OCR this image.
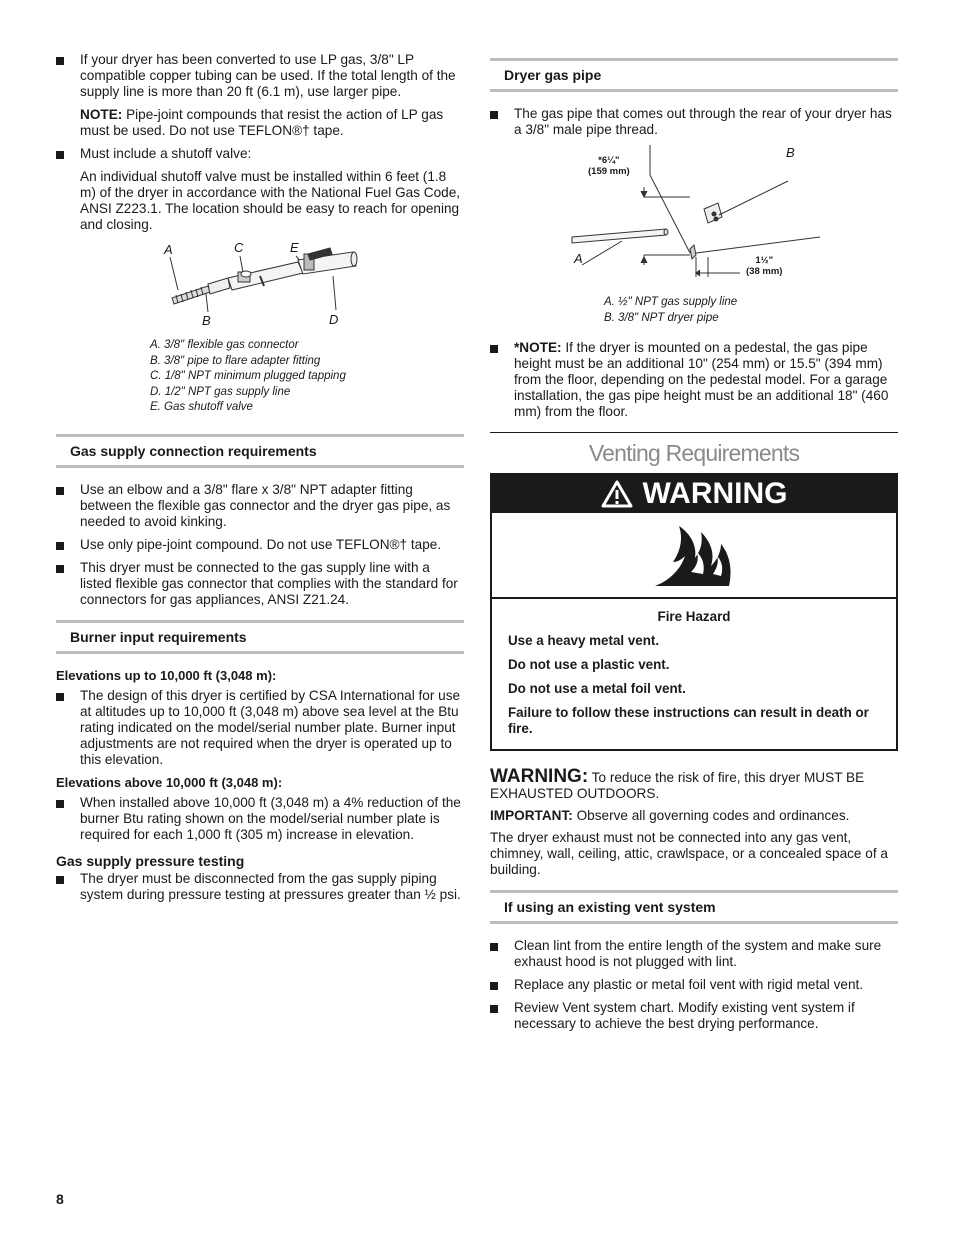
If your dryer has been converted to use LP gas, 3/8" LP compatible copper tubing can be used. If the total length of the supply line is more than 20 ft (6.1 m), use larger pipe.
NOTE: Pipe-joint compounds that resist the action of LP gas must be used. Do not use TEFLON®† tape.
Must include a shutoff valve:
An individual shutoff valve must be installed within 6 feet (1.8 m) of the dryer in accordance with the National Fuel Gas Code, ANSI Z223.1. The location should be easy to reach for opening and closing.
A	C	E
B	D
A. 3/8" flexible gas connector
B. 3/8" pipe to flare adapter fitting
C. 1/8" NPT minimum plugged tapping
D. 1/2" NPT gas supply line
E. Gas shutoff valve
Gas supply connection requirements
Use an elbow and a 3/8" flare x 3/8" NPT adapter fitting between the flexible gas connector and the dryer gas pipe, as needed to avoid kinking.
Use only pipe-joint compound. Do not use TEFLON®† tape.
This dryer must be connected to the gas supply line with a listed flexible gas connector that complies with the standard for connectors for gas appliances, ANSI Z21.24.
Burner input requirements
Elevations up to 10,000 ft (3,048 m):
The design of this dryer is certified by CSA International for use at altitudes up to 10,000 ft (3,048 m) above sea level at the Btu rating indicated on the model/serial number plate. Burner input adjustments are not required when the dryer is operated up to this elevation.
Elevations above 10,000 ft (3,048 m):
When installed above 10,000 ft (3,048 m) a 4% reduction of the burner Btu rating shown on the model/serial number plate is required for each 1,000 ft (305 m) increase in elevation.
Gas supply pressure testing
The dryer must be disconnected from the gas supply piping system during pressure testing at pressures greater than ½ psi.
Dryer gas pipe
The gas pipe that comes out through the rear of your dryer has a 3/8" male pipe thread.
B
A
*6¼"
(159 mm)
1½"
(38 mm)
A. ½" NPT gas supply line
B. 3/8" NPT dryer pipe
*NOTE: If the dryer is mounted on a pedestal, the gas pipe height must be an additional 10" (254 mm) or 15.5" (394 mm) from the floor, depending on the pedestal model. For a garage installation, the gas pipe height must be an additional 18" (460 mm) from the floor.
Venting Requirements
WARNING

Fire Hazard

Use a heavy metal vent.

Do not use a plastic vent.

Do not use a metal foil vent.

Failure to follow these instructions can result in death or fire.

WARNING: To reduce the risk of fire, this dryer MUST BE EXHAUSTED OUTDOORS.

IMPORTANT: Observe all governing codes and ordinances.

The dryer exhaust must not be connected into any gas vent, chimney, wall, ceiling, attic, crawlspace, or a concealed space of a building.

If using an existing vent system
Clean lint from the entire length of the system and make sure exhaust hood is not plugged with lint.
Replace any plastic or metal foil vent with rigid metal vent.
Review Vent system chart. Modify existing vent system if necessary to achieve the best drying performance.
8
